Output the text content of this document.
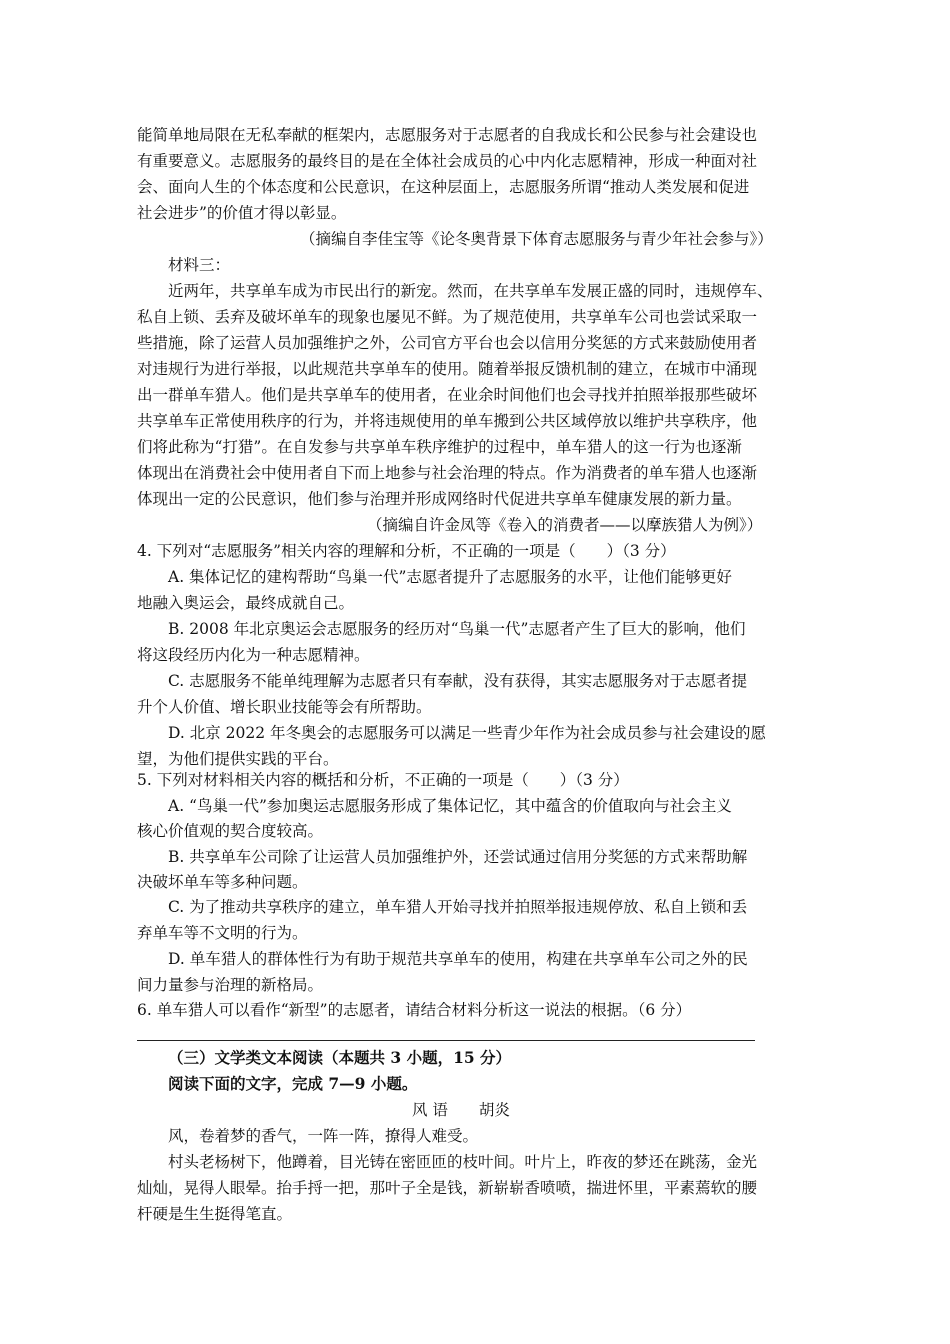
能简单地局限在无私奉献的框架内，志愿服务对于志愿者的自我成长和公民参与社会建设也
有重要意义。志愿服务的最终目的是在全体社会成员的心中内化志愿精神，形成一种面对社
会、面向人生的个体态度和公民意识，在这种层面上，志愿服务所谓“推动人类发展和促进
社会进步”的价值才得以彰显。
（摘编自李佳宝等《论冬奥背景下体育志愿服务与青少年社会参与》）
材料三：
近两年，共享单车成为市民出行的新宠。然而，在共享单车发展正盛的同时，违规停车、
私自上锁、丢弃及破坏单车的现象也屡见不鲜。为了规范使用，共享单车公司也尝试采取一
些措施，除了运营人员加强维护之外，公司官方平台也会以信用分奖惩的方式来鼓励使用者
对违规行为进行举报，以此规范共享单车的使用。随着举报反馈机制的建立，在城市中涌现
出一群单车猎人。他们是共享单车的使用者，在业余时间他们也会寻找并拍照举报那些破坏
共享单车正常使用秩序的行为，并将违规使用的单车搬到公共区域停放以维护共享秩序，他
们将此称为“打猎”。在自发参与共享单车秩序维护的过程中，单车猎人的这一行为也逐渐
体现出在消费社会中使用者自下而上地参与社会治理的特点。作为消费者的单车猎人也逐渐
体现出一定的公民意识，他们参与治理并形成网络时代促进共享单车健康发展的新力量。
（摘编自许金凤等《卷入的消费者——以摩族猎人为例》）
4. 下列对“志愿服务”相关内容的理解和分析，不正确的一项是（　　）（3 分）
A. 集体记忆的建构帮助“鸟巢一代”志愿者提升了志愿服务的水平，让他们能够更好
地融入奥运会，最终成就自己。
B. 2008 年北京奥运会志愿服务的经历对“鸟巢一代”志愿者产生了巨大的影响，他们
将这段经历内化为一种志愿精神。
C. 志愿服务不能单纯理解为志愿者只有奉献，没有获得，其实志愿服务对于志愿者提
升个人价值、增长职业技能等会有所帮助。
D. 北京 2022 年冬奥会的志愿服务可以满足一些青少年作为社会成员参与社会建设的愿
望，为他们提供实践的平台。
5. 下列对材料相关内容的概括和分析，不正确的一项是（　　）（3 分）
A. “鸟巢一代”参加奥运志愿服务形成了集体记忆，其中蕴含的价值取向与社会主义
核心价值观的契合度较高。
B. 共享单车公司除了让运营人员加强维护外，还尝试通过信用分奖惩的方式来帮助解
决破坏单车等多种问题。
C. 为了推动共享秩序的建立，单车猎人开始寻找并拍照举报违规停放、私自上锁和丢
弃单车等不文明的行为。
D. 单车猎人的群体性行为有助于规范共享单车的使用，构建在共享单车公司之外的民
间力量参与治理的新格局。
6. 单车猎人可以看作“新型”的志愿者，请结合材料分析这一说法的根据。（6 分）
（三）文学类文本阅读（本题共 3 小题，15 分）
阅读下面的文字，完成 7—9 小题。
风 语　　胡炎
风，卷着梦的香气，一阵一阵，撩得人难受。
村头老杨树下，他蹲着，目光铸在密匝匝的枝叶间。叶片上，昨夜的梦还在跳荡，金光
灿灿，晃得人眼晕。抬手捋一把，那叶子全是钱，新崭崭香喷喷，揣进怀里，平素蔫软的腰
杆硬是生生挺得笔直。
